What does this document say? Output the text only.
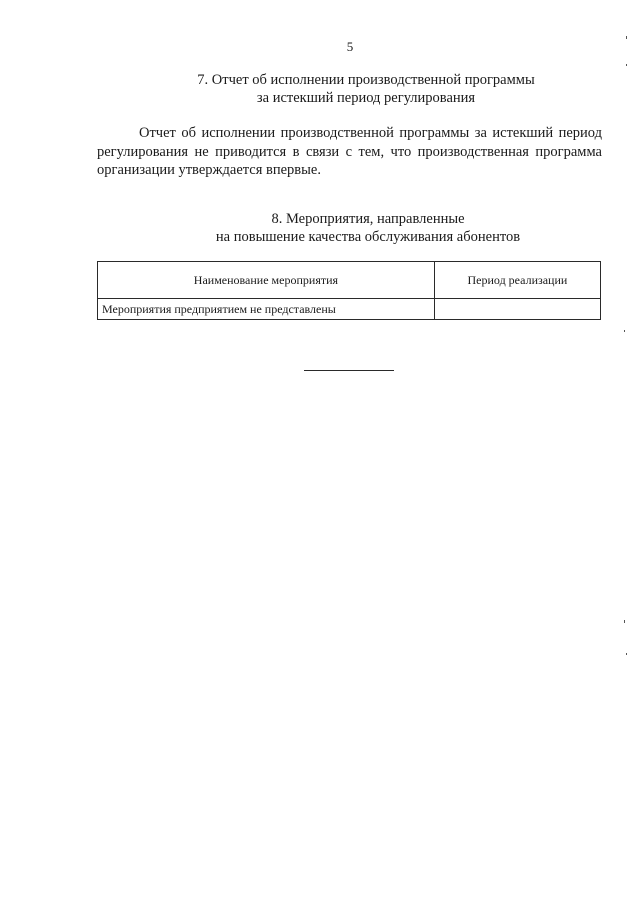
5
7. Отчет об исполнении производственной программы
за истекший период регулирования
Отчет об исполнении производственной программы за истекший период регулирования не приводится в связи с тем, что производственная программа организации утверждается впервые.
8. Мероприятия, направленные
на повышение качества обслуживания абонентов
Наименование мероприятия	Период реализации
Мероприятия предприятием не представлены	
